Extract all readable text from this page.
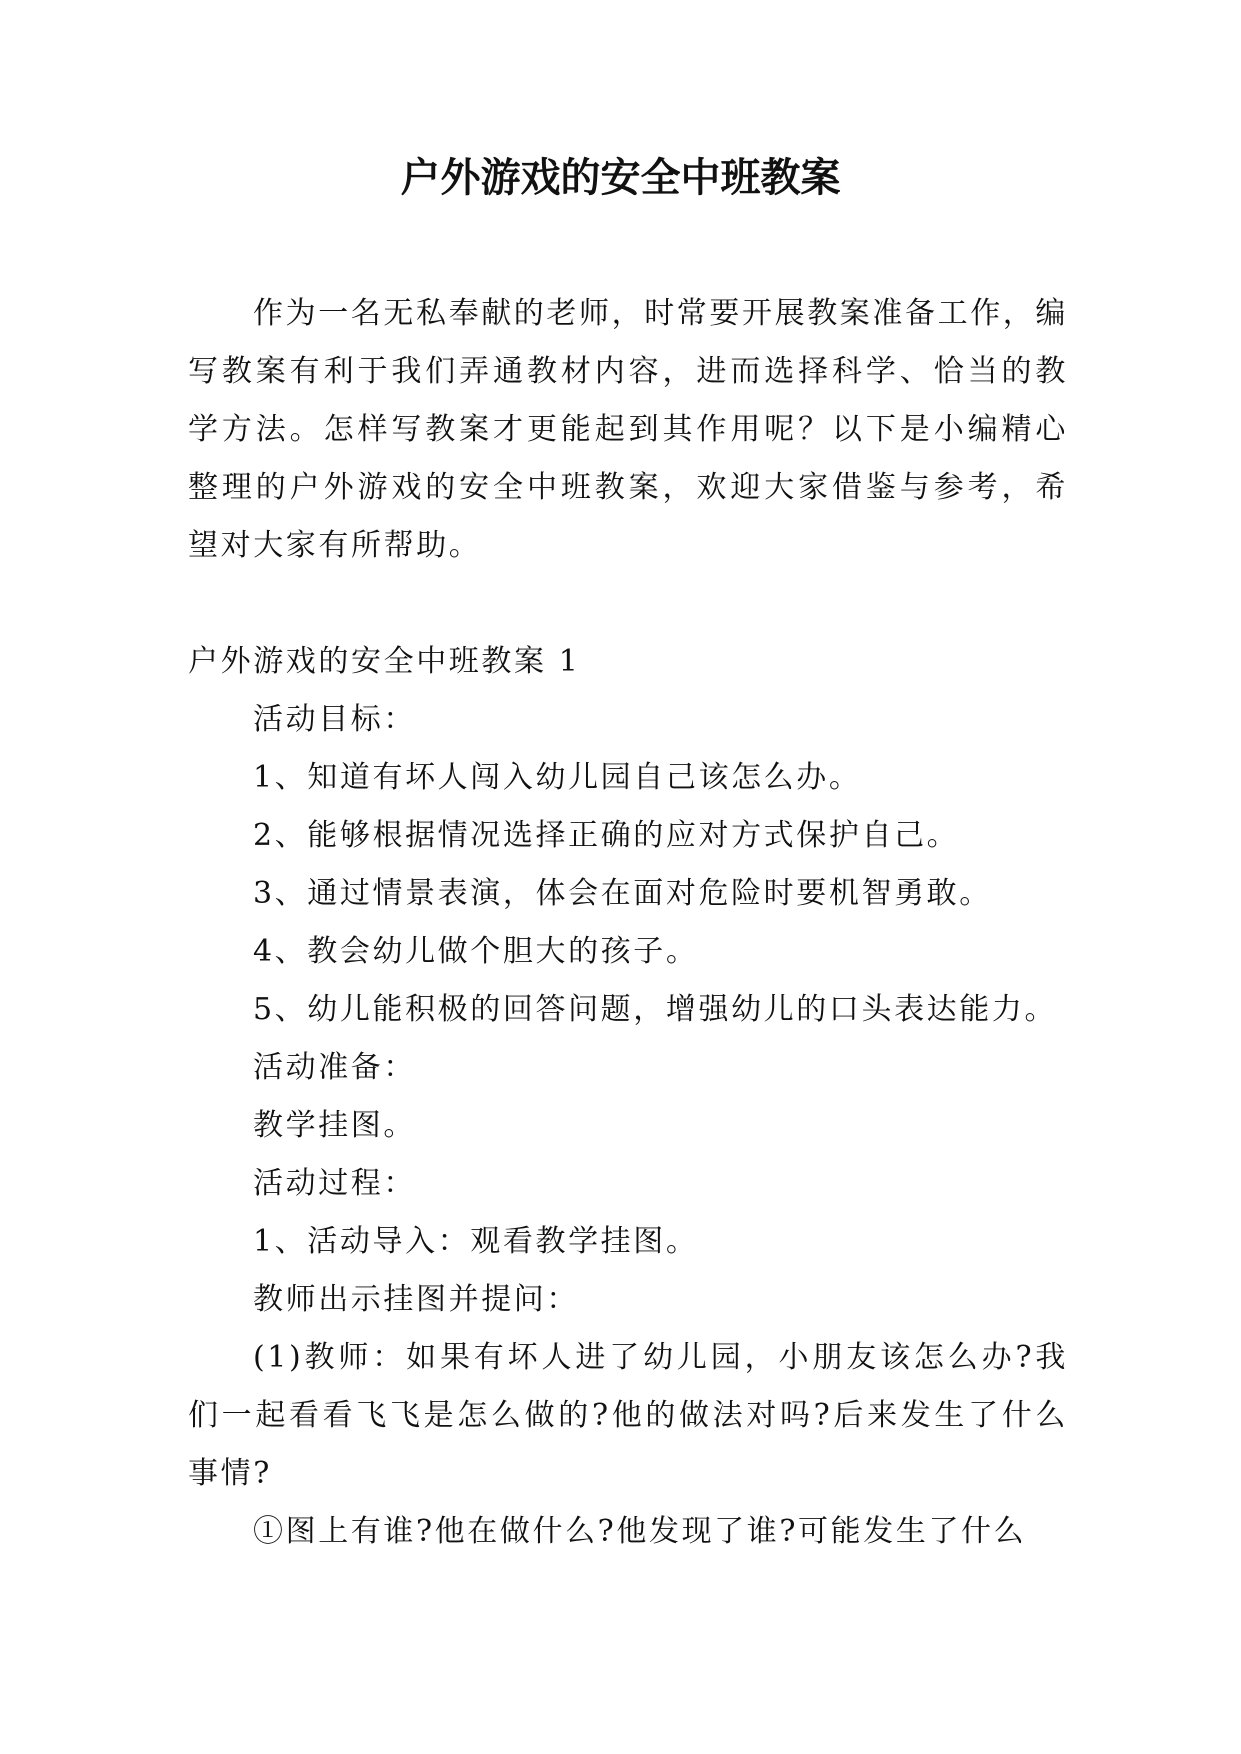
户外游戏的安全中班教案

作为一名无私奉献的老师，时常要开展教案准备工作，编写教案有利于我们弄通教材内容，进而选择科学、恰当的教学方法。怎样写教案才更能起到其作用呢？以下是小编精心整理的户外游戏的安全中班教案，欢迎大家借鉴与参考，希望对大家有所帮助。

户外游戏的安全中班教案 1

活动目标：

1、知道有坏人闯入幼儿园自己该怎么办。

2、能够根据情况选择正确的应对方式保护自己。

3、通过情景表演，体会在面对危险时要机智勇敢。

4、教会幼儿做个胆大的孩子。

5、幼儿能积极的回答问题，增强幼儿的口头表达能力。

活动准备：

教学挂图。

活动过程：

1、活动导入：观看教学挂图。

教师出示挂图并提问：

(1)教师：如果有坏人进了幼儿园，小朋友该怎么办?我们一起看看飞飞是怎么做的?他的做法对吗?后来发生了什么事情?

①图上有谁?他在做什么?他发现了谁?可能发生了什么
